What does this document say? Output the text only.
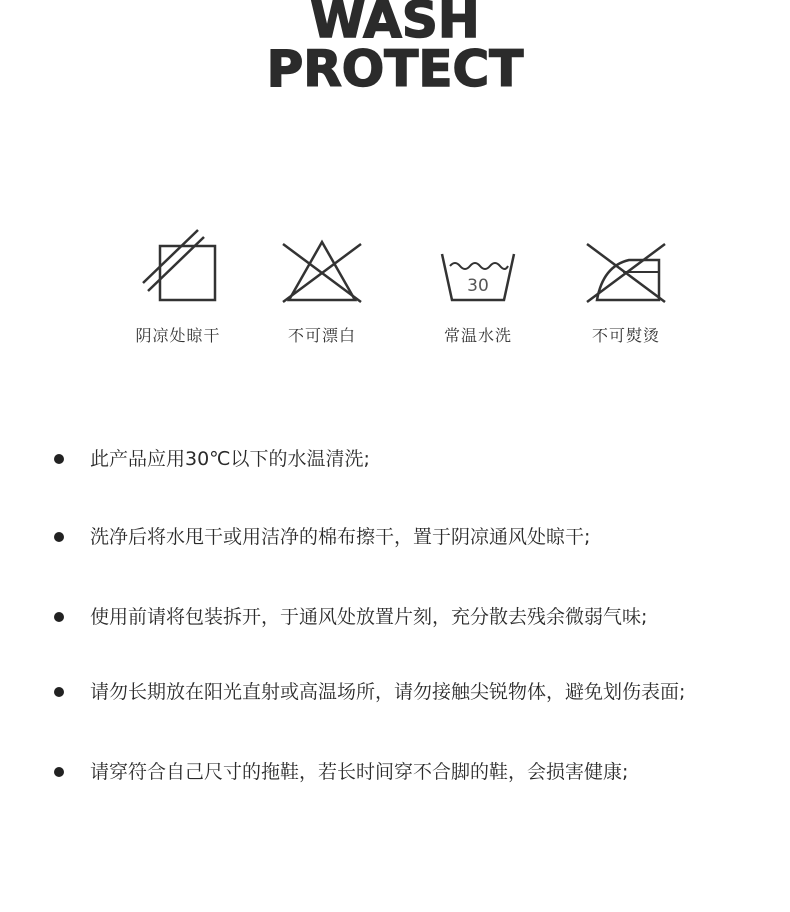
WASH
PROTECT
阴凉处晾干	不可漂白
30
常温水洗	不可熨烫
此产品应用30℃以下的水温清洗;
洗净后将水甩干或用洁净的棉布擦干，置于阴凉通风处晾干;
使用前请将包装拆开，于通风处放置片刻，充分散去残余微弱气味;
请勿长期放在阳光直射或高温场所，请勿接触尖锐物体，避免划伤表面;
请穿符合自己尺寸的拖鞋，若长时间穿不合脚的鞋，会损害健康;
